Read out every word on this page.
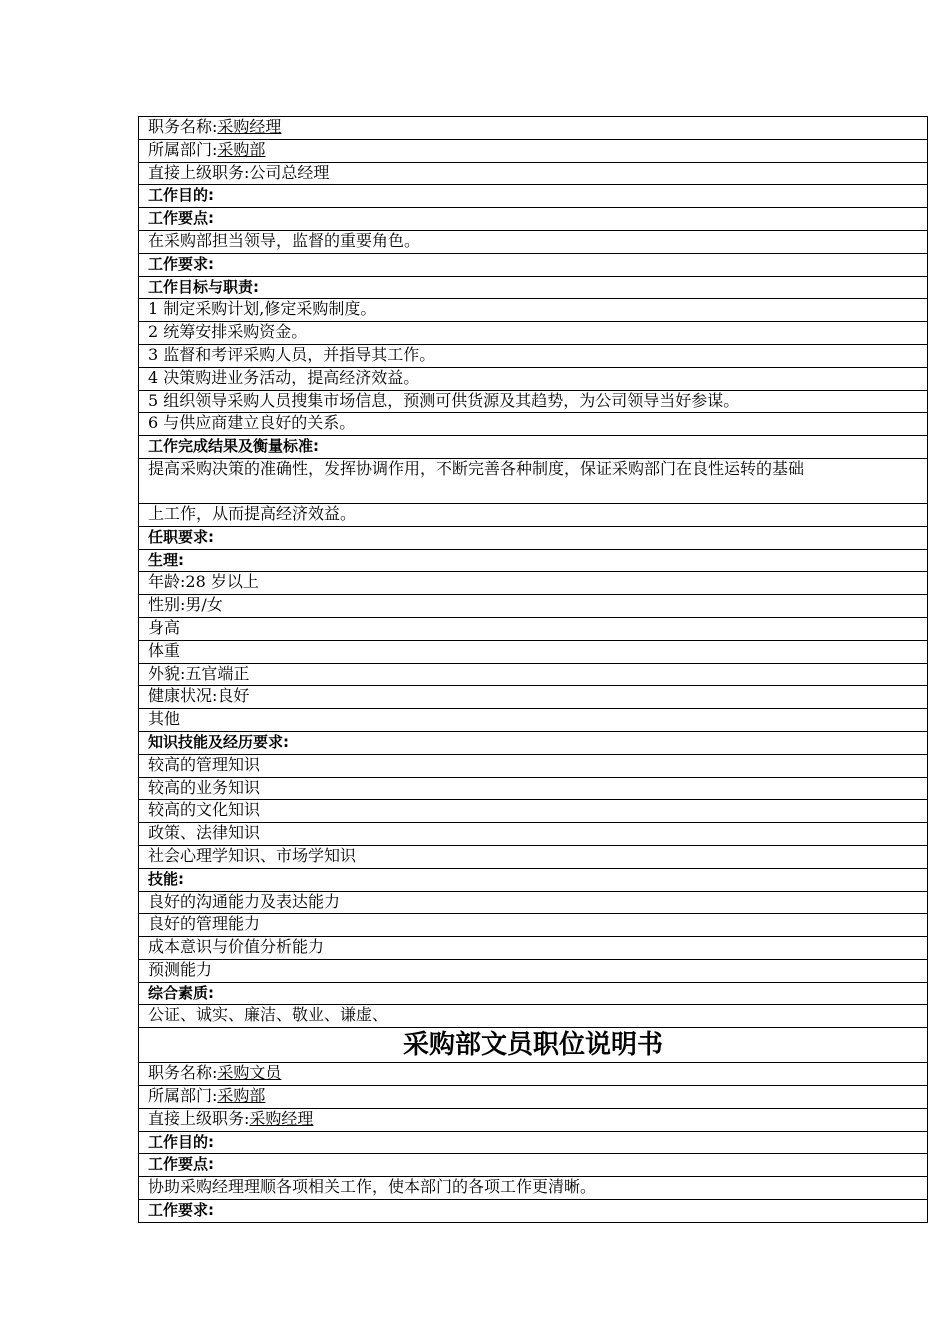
职务名称:采购经理
所属部门:采购部
直接上级职务:公司总经理
工作目的:
工作要点:
在采购部担当领导，监督的重要角色。
工作要求:
工作目标与职责:
1 制定采购计划,修定采购制度。
2 统筹安排采购资金。
3 监督和考评采购人员，并指导其工作。
4 决策购进业务活动，提高经济效益。
5 组织领导采购人员搜集市场信息，预测可供货源及其趋势，为公司领导当好参谋。
6 与供应商建立良好的关系。
工作完成结果及衡量标准:
提高采购决策的准确性，发挥协调作用，不断完善各种制度，保证采购部门在良性运转的基础
上工作，从而提高经济效益。
任职要求:
生理:
年龄:28 岁以上
性别:男/女
身高
体重
外貌:五官端正
健康状况:良好
其他
知识技能及经历要求:
较高的管理知识
较高的业务知识
较高的文化知识
政策、法律知识
社会心理学知识、市场学知识
技能:
良好的沟通能力及表达能力
良好的管理能力
成本意识与价值分析能力
预测能力
综合素质:
公证、诚实、廉洁、敬业、谦虚、
采购部文员职位说明书
职务名称:采购文员
所属部门:采购部
直接上级职务:采购经理
工作目的:
工作要点:
协助采购经理理顺各项相关工作，使本部门的各项工作更清晰。
工作要求:
